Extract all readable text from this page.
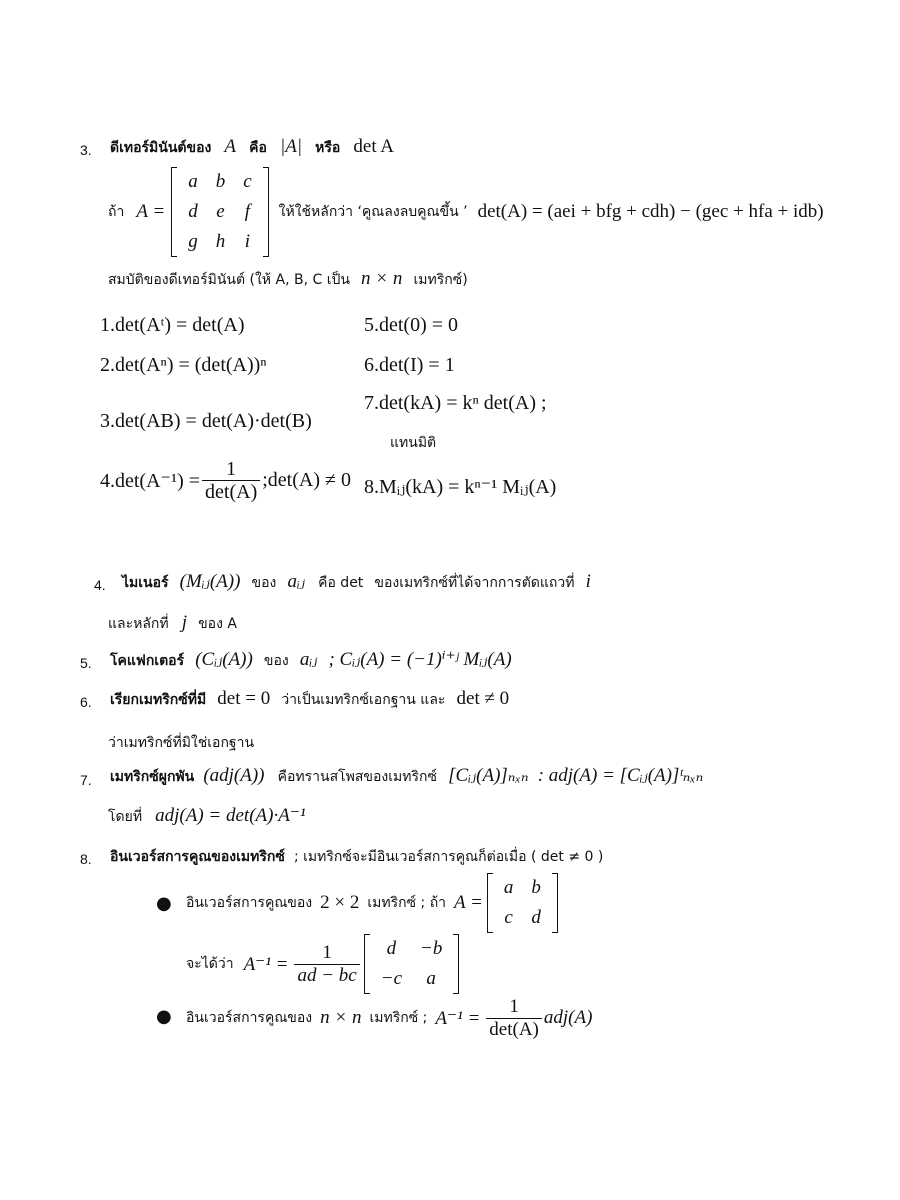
3. ดีเทอร์มินันต์ของ A คือ |A| หรือ det A
ถ้า A =
a	b	c
d	e	f
g	h	i
ให้ใช้หลักว่า ‘คูณลงลบคูณขึ้น ’ det(A) = (aei + bfg + cdh) − (gec + hfa + idb)
สมบัติของดีเทอร์มินันต์ (ให้ A, B, C เป็น n × n เมทริกซ์)
1.det(Aᵗ) = det(A)
2.det(Aⁿ) = (det(A))ⁿ
3.det(AB) = det(A)·det(B)
$4.\det(A^{-1}) = \frac{1}{\det(A)}$ ;det(A) ≠ 0
5.det(0) = 0
6.det(I) = 1
7.det(kA) = kⁿ det(A) ;
แทนมิติ
8.Mᵢⱼ(kA) = kⁿ⁻¹ Mᵢⱼ(A)
4. ไมเนอร์ (Mᵢⱼ(A)) ของ aᵢⱼ คือ det ของเมทริกซ์ที่ได้จากการตัดแถวที่ i
และหลักที่ j ของ A
5. โคแฟกเตอร์ (Cᵢⱼ(A)) ของ aᵢⱼ ; Cᵢⱼ(A) = (−1)ⁱ⁺ʲ Mᵢⱼ(A)
6. เรียกเมทริกซ์ที่มี det = 0 ว่าเป็นเมทริกซ์เอกฐาน และ det ≠ 0
ว่าเมทริกซ์ที่มิใช่เอกฐาน
7. เมทริกซ์ผูกพัน (adj(A)) คือทรานสโพสของเมทริกซ์ [Cᵢⱼ(A)]ₙₓₙ : adj(A) = [Cᵢⱼ(A)]ᵗₙₓₙ
โดยที่ adj(A) = det(A)·A⁻¹
8. อินเวอร์สการคูณของเมทริกซ์ ; เมทริกซ์จะมีอินเวอร์สการคูณก็ต่อเมื่อ ( det ≠ 0 )
● อินเวอร์สการคูณของ 2 × 2 เมทริกซ์ ; ถ้า A =
a	b
c	d
จะได้ว่า $A^{-1} = \frac{1}{ad - bc}$ d	−b
−c	a
● อินเวอร์สการคูณของ n × n เมทริกซ์ ; $A^{-1} = \frac{1}{\det(A)} adj(A)$
